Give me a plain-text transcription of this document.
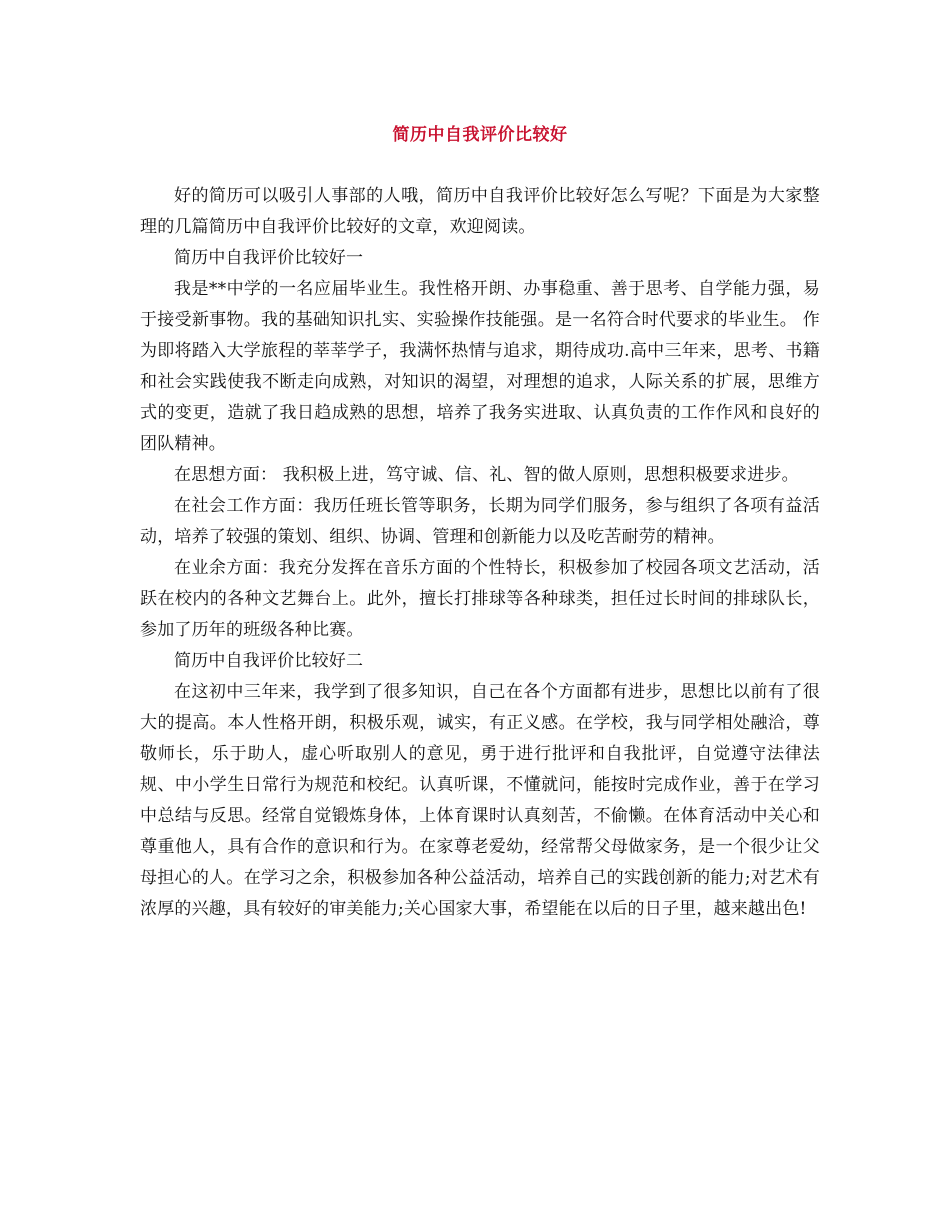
简历中自我评价比较好

好的简历可以吸引人事部的人哦，简历中自我评价比较好怎么写呢？下面是为大家整理的几篇简历中自我评价比较好的文章，欢迎阅读。

简历中自我评价比较好一

我是**中学的一名应届毕业生。我性格开朗、办事稳重、善于思考、自学能力强，易于接受新事物。我的基础知识扎实、实验操作技能强。是一名符合时代要求的毕业生。 作为即将踏入大学旅程的莘莘学子，我满怀热情与追求，期待成功.高中三年来，思考、书籍和社会实践使我不断走向成熟，对知识的渴望，对理想的追求，人际关系的扩展，思维方式的变更，造就了我日趋成熟的思想，培养了我务实进取、认真负责的工作作风和良好的团队精神。

在思想方面： 我积极上进，笃守诚、信、礼、智的做人原则，思想积极要求进步。

在社会工作方面：我历任班长管等职务，长期为同学们服务，参与组织了各项有益活动，培养了较强的策划、组织、协调、管理和创新能力以及吃苦耐劳的精神。

在业余方面：我充分发挥在音乐方面的个性特长，积极参加了校园各项文艺活动，活跃在校内的各种文艺舞台上。此外，擅长打排球等各种球类，担任过长时间的排球队长，参加了历年的班级各种比赛。

简历中自我评价比较好二

在这初中三年来，我学到了很多知识，自己在各个方面都有进步，思想比以前有了很大的提高。本人性格开朗，积极乐观，诚实，有正义感。在学校，我与同学相处融洽，尊敬师长，乐于助人，虚心听取别人的意见，勇于进行批评和自我批评，自觉遵守法律法规、中小学生日常行为规范和校纪。认真听课，不懂就问，能按时完成作业，善于在学习中总结与反思。经常自觉锻炼身体，上体育课时认真刻苦，不偷懒。在体育活动中关心和尊重他人，具有合作的意识和行为。在家尊老爱幼，经常帮父母做家务，是一个很少让父母担心的人。在学习之余，积极参加各种公益活动，培养自己的实践创新的能力;对艺术有浓厚的兴趣，具有较好的审美能力;关心国家大事，希望能在以后的日子里，越来越出色!
